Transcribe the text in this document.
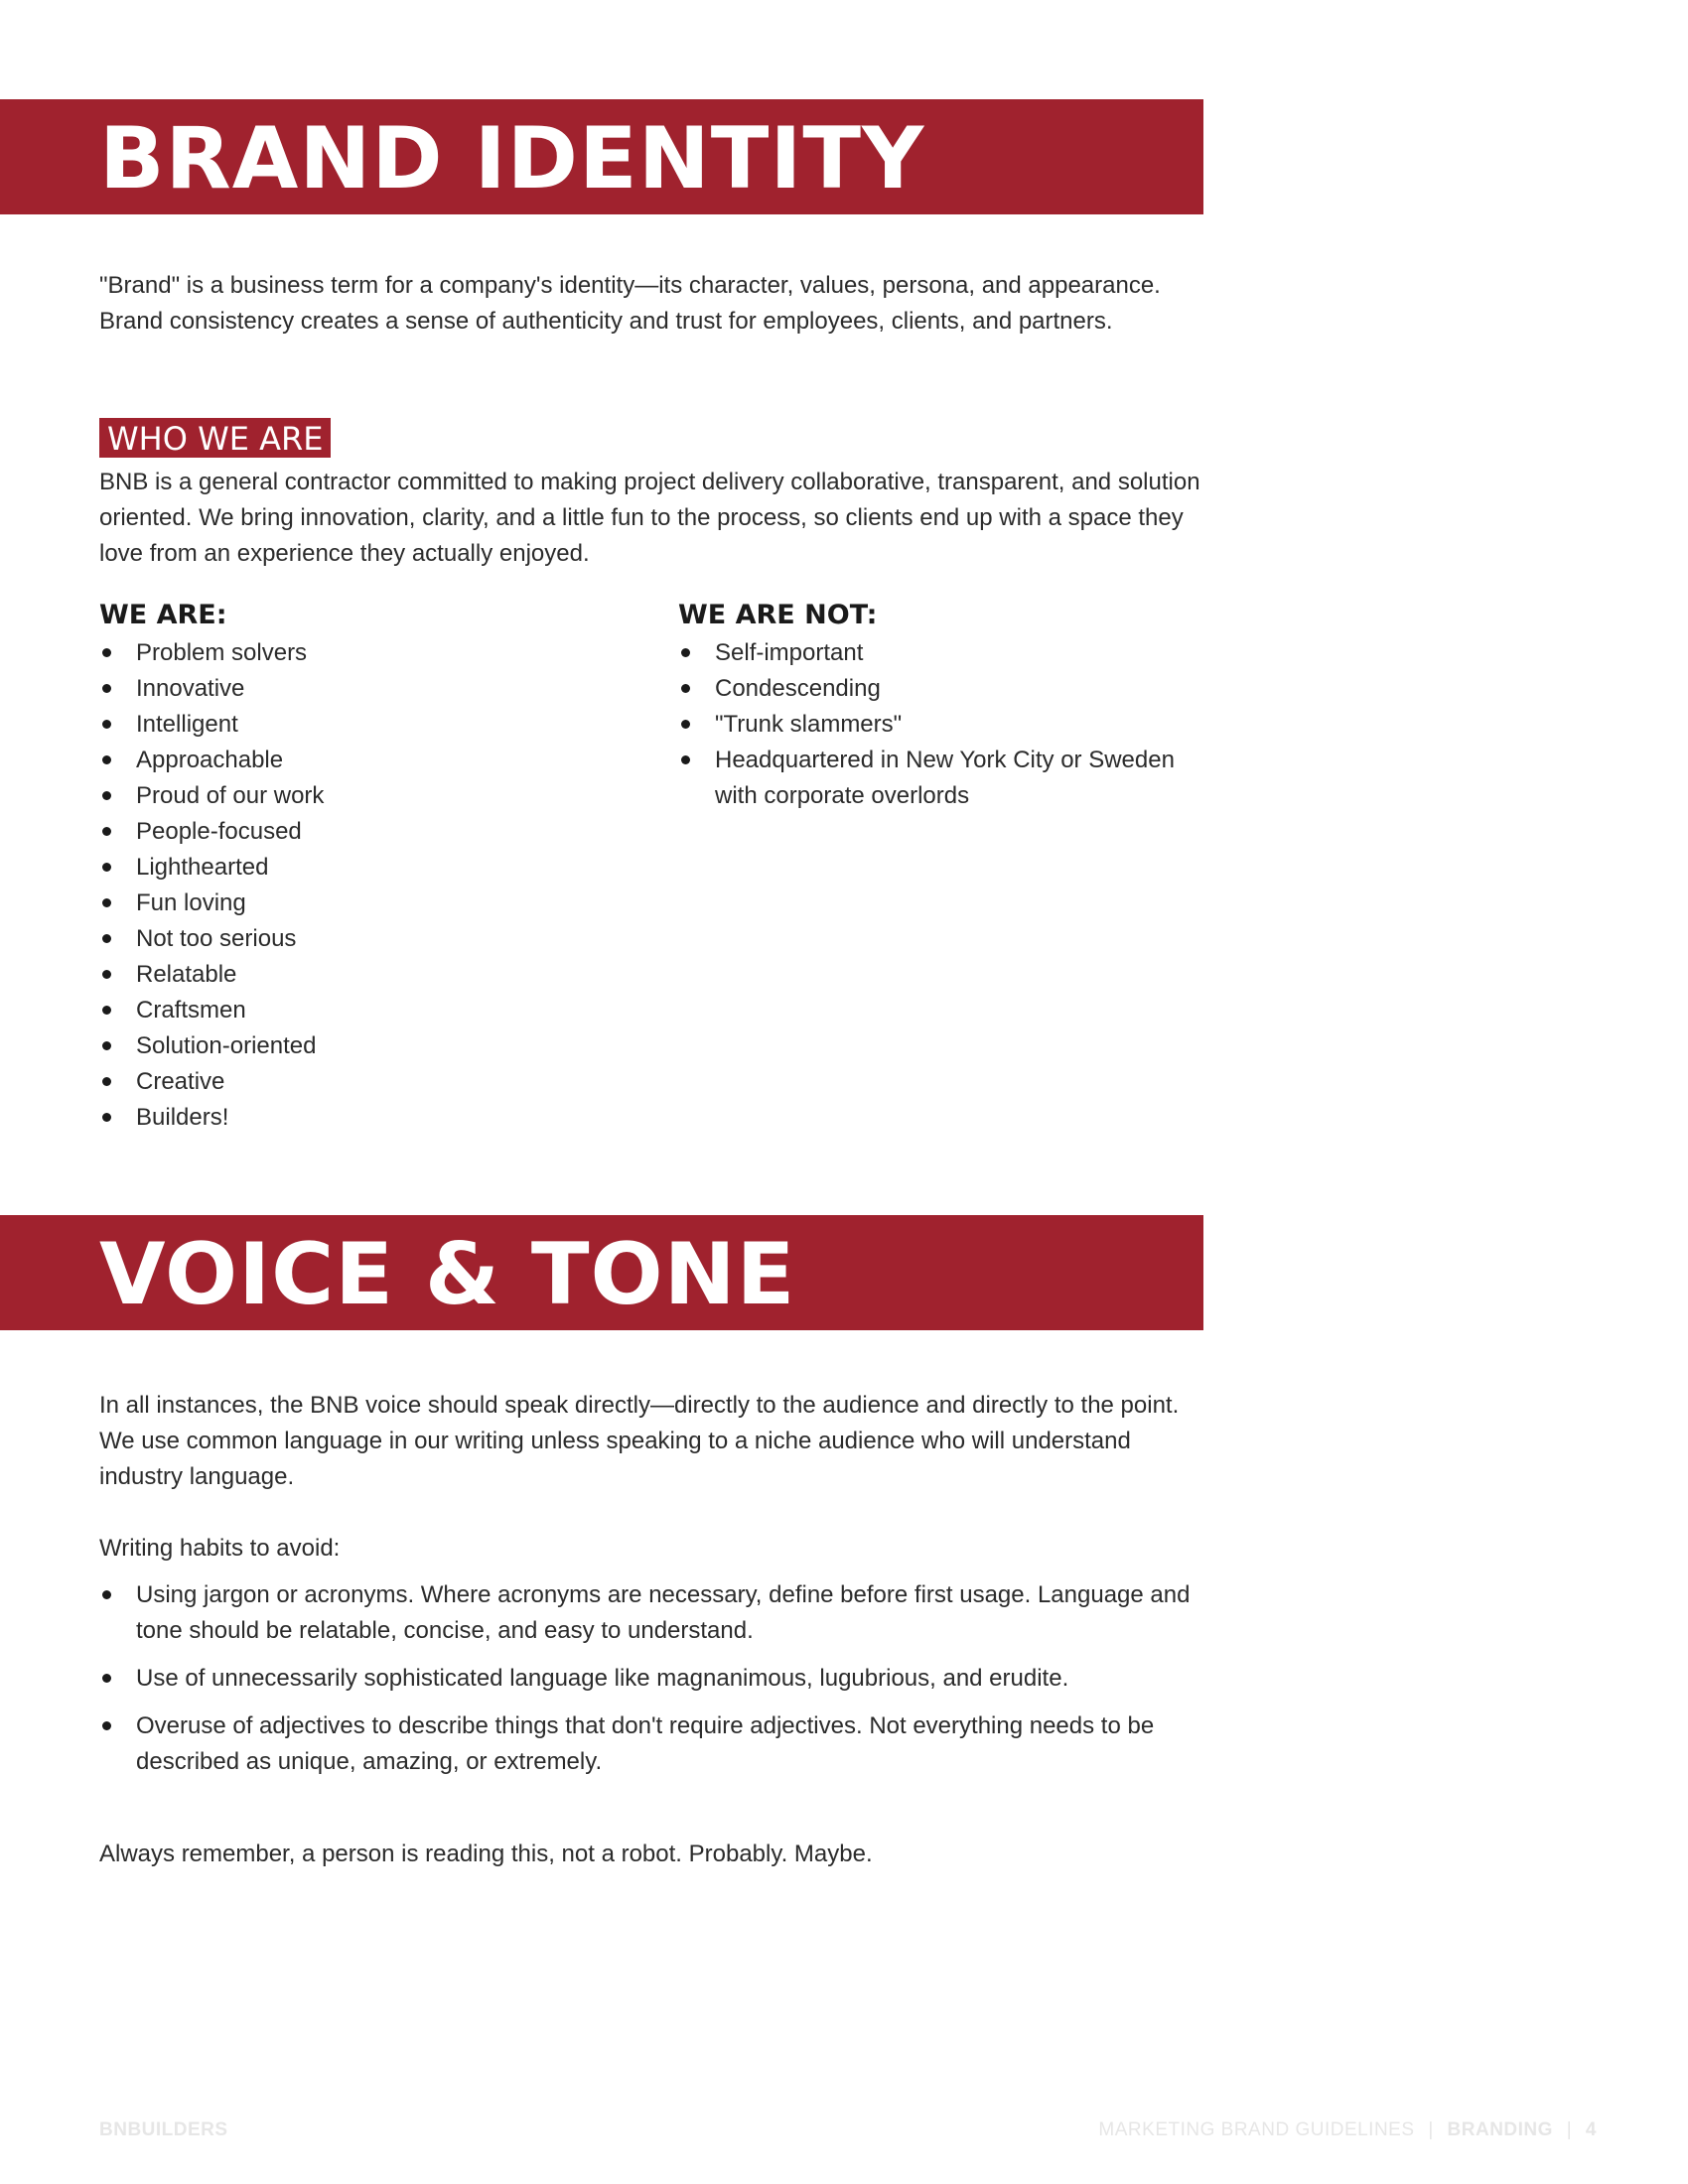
BRAND IDENTITY

"Brand" is a business term for a company's identity—its character, values, persona, and appearance. Brand consistency creates a sense of authenticity and trust for employees, clients, and partners.

WHO WE ARE

BNB is a general contractor committed to making project delivery collaborative, transparent, and solution oriented. We bring innovation, clarity, and a little fun to the process, so clients end up with a space they love from an experience they actually enjoyed.

WE ARE:
Problem solvers
Innovative
Intelligent
Approachable
Proud of our work
People-focused
Lighthearted
Fun loving
Not too serious
Relatable
Craftsmen
Solution-oriented
Creative
Builders!
WE ARE NOT:
Self-important
Condescending
"Trunk slammers"
Headquartered in New York City or Sweden with corporate overlords
VOICE & TONE

In all instances, the BNB voice should speak directly—directly to the audience and directly to the point. We use common language in our writing unless speaking to a niche audience who will understand industry language.

Writing habits to avoid:

Using jargon or acronyms. Where acronyms are necessary, define before first usage. Language and tone should be relatable, concise, and easy to understand.
Use of unnecessarily sophisticated language like magnanimous, lugubrious, and erudite.
Overuse of adjectives to describe things that don't require adjectives. Not everything needs to be described as unique, amazing, or extremely.

Always remember, a person is reading this, not a robot. Probably. Maybe.

BNBUILDERS	MARKETING BRAND GUIDELINES | BRANDING | 4
